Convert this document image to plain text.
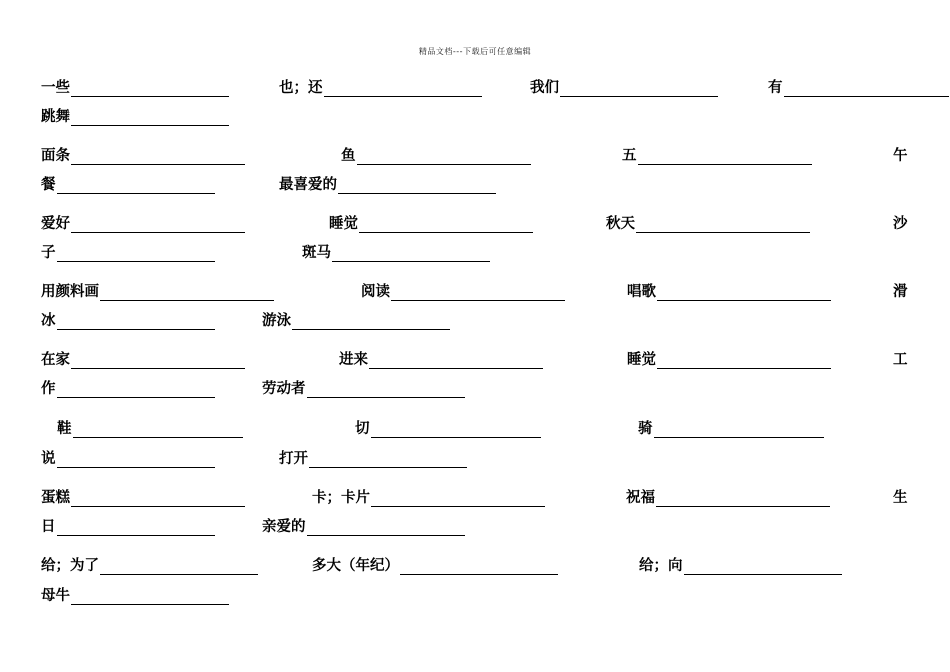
精品文档---下载后可任意编辑
一些	也；还	我们	有
跳舞
面条	鱼	五	午
餐	最喜爱的
爱好	睡觉	秋天	沙
子	斑马
用颜料画	阅读	唱歌	滑
冰	游泳
在家	进来	睡觉	工
作	劳动者
鞋	切	骑
说	打开
蛋糕	卡；卡片	祝福	生
日	亲爱的
给；为了	多大（年纪）	给；向
母牛
